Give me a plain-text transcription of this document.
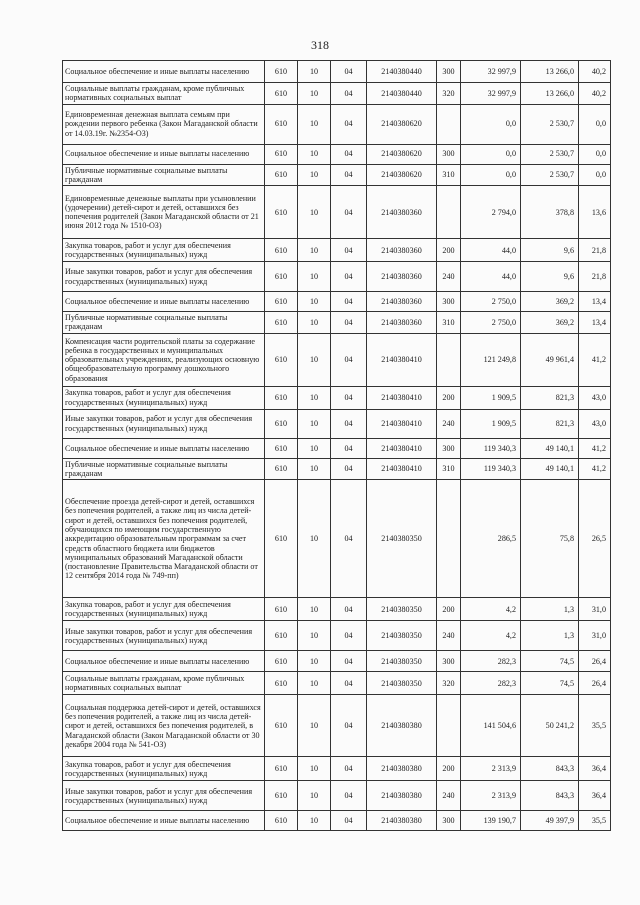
318
Социальное обеспечение и иные выплаты населению	610	10	04	2140380440	300	32 997,9	13 266,0	40,2
Социальные выплаты гражданам, кроме публичных нормативных социальных выплат	610	10	04	2140380440	320	32 997,9	13 266,0	40,2
Единовременная денежная выплата семьям при рождении первого ребенка (Закон Магаданской области от 14.03.19г. №2354-ОЗ)	610	10	04	2140380620		0,0	2 530,7	0,0
Социальное обеспечение и иные выплаты населению	610	10	04	2140380620	300	0,0	2 530,7	0,0
Публичные нормативные социальные выплаты гражданам	610	10	04	2140380620	310	0,0	2 530,7	0,0
Единовременные денежные выплаты при усыновлении (удочерении) детей-сирот и детей, оставшихся без попечения родителей (Закон Магаданской области от 21 июня 2012 года № 1510-ОЗ)	610	10	04	2140380360		2 794,0	378,8	13,6
Закупка товаров, работ и услуг для обеспечения государственных (муниципальных) нужд	610	10	04	2140380360	200	44,0	9,6	21,8
Иные закупки товаров, работ и услуг для обеспечения государственных (муниципальных) нужд	610	10	04	2140380360	240	44,0	9,6	21,8
Социальное обеспечение и иные выплаты населению	610	10	04	2140380360	300	2 750,0	369,2	13,4
Публичные нормативные социальные выплаты гражданам	610	10	04	2140380360	310	2 750,0	369,2	13,4
Компенсация части родительской платы за содержание ребенка в государственных и муниципальных образовательных учреждениях, реализующих основную общеобразовательную программу дошкольного образования	610	10	04	2140380410		121 249,8	49 961,4	41,2
Закупка товаров, работ и услуг для обеспечения государственных (муниципальных) нужд	610	10	04	2140380410	200	1 909,5	821,3	43,0
Иные закупки товаров, работ и услуг для обеспечения государственных (муниципальных) нужд	610	10	04	2140380410	240	1 909,5	821,3	43,0
Социальное обеспечение и иные выплаты населению	610	10	04	2140380410	300	119 340,3	49 140,1	41,2
Публичные нормативные социальные выплаты гражданам	610	10	04	2140380410	310	119 340,3	49 140,1	41,2
Обеспечение проезда детей-сирот и детей, оставшихся без попечения родителей, а также лиц из числа детей-сирот и детей, оставшихся без попечения родителей, обучающихся по имеющим государственную аккредитацию образовательным программам за счет средств областного бюджета или бюджетов муниципальных образований Магаданской области (постановление Правительства Магаданской области от 12 сентября 2014 года № 749-пп)	610	10	04	2140380350		286,5	75,8	26,5
Закупка товаров, работ и услуг для обеспечения государственных (муниципальных) нужд	610	10	04	2140380350	200	4,2	1,3	31,0
Иные закупки товаров, работ и услуг для обеспечения государственных (муниципальных) нужд	610	10	04	2140380350	240	4,2	1,3	31,0
Социальное обеспечение и иные выплаты населению	610	10	04	2140380350	300	282,3	74,5	26,4
Социальные выплаты гражданам, кроме публичных нормативных социальных выплат	610	10	04	2140380350	320	282,3	74,5	26,4
Социальная поддержка детей-сирот и детей, оставшихся без попечения родителей, а также лиц из числа детей-сирот и детей, оставшихся без попечения родителей, в Магаданской области (Закон Магаданской области от 30 декабря 2004 года № 541-ОЗ)	610	10	04	2140380380		141 504,6	50 241,2	35,5
Закупка товаров, работ и услуг для обеспечения государственных (муниципальных) нужд	610	10	04	2140380380	200	2 313,9	843,3	36,4
Иные закупки товаров, работ и услуг для обеспечения государственных (муниципальных) нужд	610	10	04	2140380380	240	2 313,9	843,3	36,4
Социальное обеспечение и иные выплаты населению	610	10	04	2140380380	300	139 190,7	49 397,9	35,5
